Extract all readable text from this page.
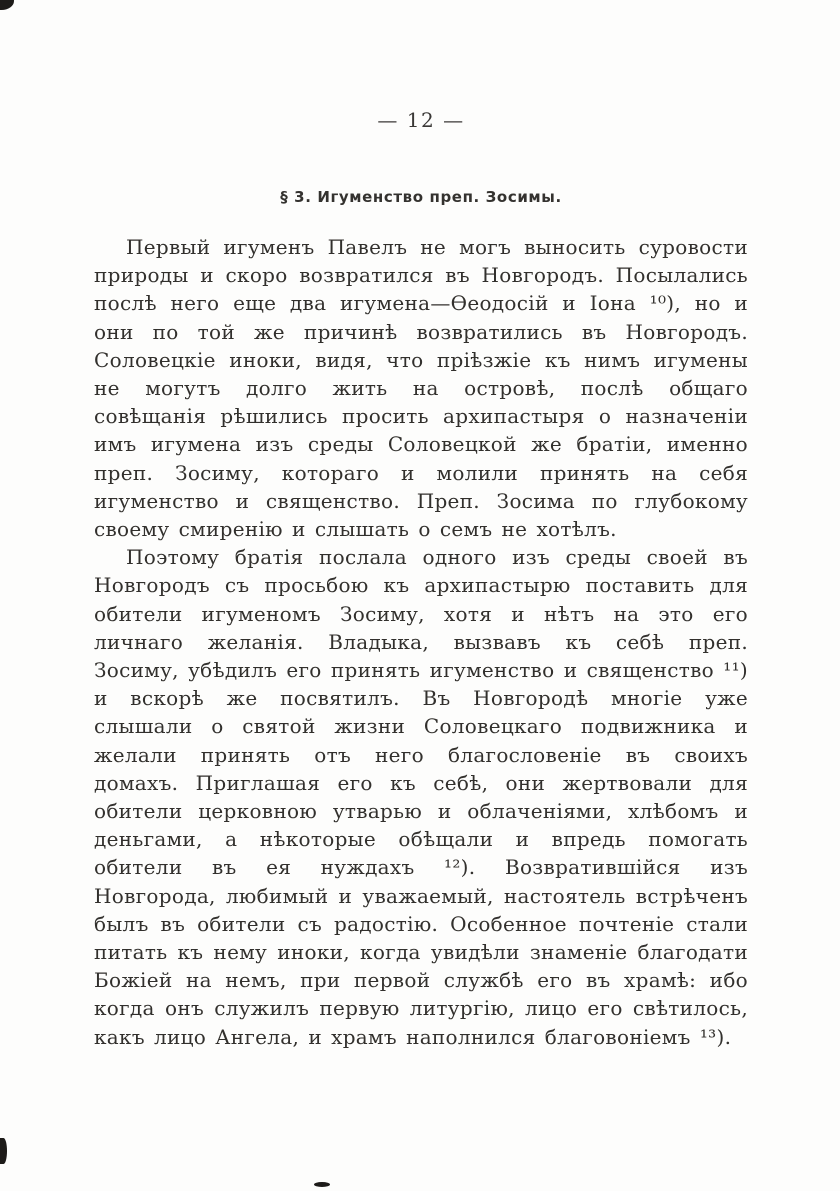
— 12 —
§ 3. Игуменство преп. Зосимы.

Первый игуменъ Павелъ не могъ выносить суровости природы и скоро возвратился въ Новгородъ. Посылались послѣ него еще два игумена—Ѳеодосій и Іона ¹⁰), но и они по той же причинѣ возвратились въ Новгородъ. Соловецкіе иноки, видя, что пріѣзжіе къ нимъ игумены не могутъ долго жить на островѣ, послѣ общаго совѣщанія рѣшились просить архипастыря о назначеніи имъ игумена изъ среды Соловецкой же братіи, именно преп. Зосиму, котораго и молили принять на себя игуменство и священство. Преп. Зосима по глубокому своему смиренію и слышать о семъ не хотѣлъ.

Поэтому братія послала одного изъ среды своей въ Новгородъ съ просьбою къ архипастырю поставить для обители игуменомъ Зосиму, хотя и нѣтъ на это его личнаго желанія. Владыка, вызвавъ къ себѣ преп. Зосиму, убѣдилъ его принять игуменство и священство ¹¹) и вскорѣ же посвятилъ. Въ Новгородѣ многіе уже слышали о святой жизни Соловецкаго подвижника и желали принять отъ него благословеніе въ своихъ домахъ. Приглашая его къ себѣ, они жертвовали для обители церковною утварью и облаченіями, хлѣбомъ и деньгами, а нѣкоторые обѣщали и впредь помогать обители въ ея нуждахъ ¹²). Возвратившійся изъ Новгорода, любимый и уважаемый, настоятель встрѣченъ былъ въ обители съ радостію. Особенное почтеніе стали питать къ нему иноки, когда увидѣли знаменіе благодати Божіей на немъ, при первой службѣ его въ храмѣ: ибо когда онъ служилъ первую литургію, лицо его свѣтилось, какъ лицо Ангела, и храмъ наполнился благовоніемъ ¹³).
